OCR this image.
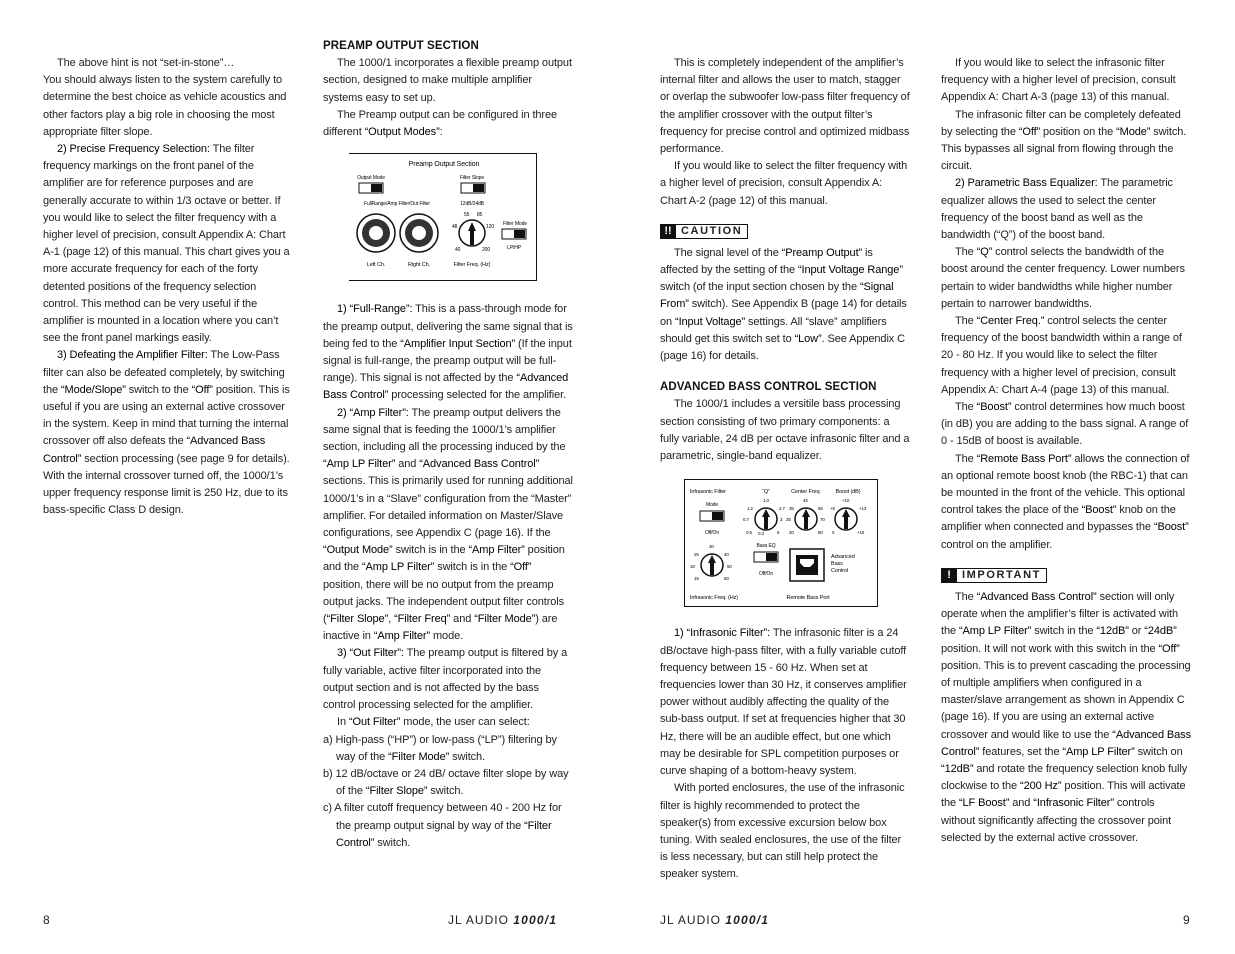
The above hint is not “set-in-stone”…

You should always listen to the system carefully to determine the best choice as vehicle acoustics and other factors play a big role in choosing the most appropriate filter slope.

2) Precise Frequency Selection: The filter frequency markings on the front panel of the amplifier are for reference purposes and are generally accurate to within 1/3 octave or better. If you would like to select the filter frequency with a higher level of precision, consult Appendix A: Chart A-1 (page 12) of this manual. This chart gives you a more accurate frequency for each of the forty detented positions of the frequency selection control. This method can be very useful if the amplifier is mounted in a location where you can’t see the front panel markings easily.

3) Defeating the Amplifier Filter: The Low-Pass filter can also be defeated completely, by switching the “Mode/Slope” switch to the “Off” position. This is useful if you are using an external active crossover in the system. Keep in mind that turning the internal crossover off also defeats the “Advanced Bass Control” section processing (see page 9 for details). With the internal crossover turned off, the 1000/1’s upper frequency response limit is 250 Hz, due to its bass-specific Class D design.

PREAMP OUTPUT SECTION

The 1000/1 incorporates a flexible preamp output section, designed to make multiple amplifier systems easy to set up.

The Preamp output can be configured in three different “Output Modes”:

Preamp Output Section
Output Mode	Filter Slope
FullRange/Amp Filter/Out Filter	12dB/24dB
55 85
48	120
40	200
Filter Mode
LP/HP
Left Ch.	Right Ch.	Filter Freq. (Hz)

1) “Full-Range”: This is a pass-through mode for the preamp output, delivering the same signal that is being fed to the “Amplifier Input Section” (If the input signal is full-range, the preamp output will be full-range). This signal is not affected by the “Advanced Bass Control” processing selected for the amplifier.

2) “Amp Filter”: The preamp output delivers the same signal that is feeding the 1000/1’s amplifier section, including all the processing induced by the “Amp LP Filter” and “Advanced Bass Control” sections. This is primarily used for running additional 1000/1’s in a “Slave” configuration from the “Master” amplifier. For detailed information on Master/Slave configurations, see Appendix C (page 16). If the “Output Mode” switch is in the “Amp Filter” position and the “Amp LP Filter” switch is in the “Off” position, there will be no output from the preamp output jacks. The independent output filter controls (“Filter Slope”, “Filter Freq” and “Filter Mode”) are inactive in “Amp Filter” mode.

3) “Out Filter”: The preamp output is filtered by a fully variable, active filter incorporated into the output section and is not affected by the bass control processing selected for the amplifier.

In “Out Filter” mode, the user can select:

a) High-pass (“HP”) or low-pass (“LP”) filtering by way of the “Filter Mode” switch.

b) 12 dB/octave or 24 dB/ octave filter slope by way of the “Filter Slope” switch.

c) A filter cutoff frequency between 40 - 200 Hz for the preamp output signal by way of the “Filter Control” switch.

This is completely independent of the amplifier’s internal filter and allows the user to match, stagger or overlap the subwoofer low-pass filter frequency of the amplifier crossover with the output filter’s frequency for precise control and optimized midbass performance.

If you would like to select the filter frequency with a higher level of precision, consult Appendix A: Chart A-2 (page 12) of this manual.

!! CAUTION

The signal level of the “Preamp Output” is affected by the setting of the “Input Voltage Range” switch (of the input section chosen by the “Signal From” switch). See Appendix B (page 14) for details on “Input Voltage” settings. All “slave” amplifiers should get this switch set to “Low”. See Appendix C (page 16) for details.

ADVANCED BASS CONTROL SECTION

The 1000/1 includes a versitile bass processing section consisting of two primary components: a fully variable, 24 dB per octave infrasonic filter and a parametric, single-band equalizer.

Infrasonic Filter	“Q”	Center Freq.	Boost (dB)
Mode
Off/On
1.0
1.2	2.7
0.7	3
0.5	6
0.3
45
35	55
25	70
20	80
+10
+5	+13
0	+15
30
25	40
18	50
15	60
Bass EQ
Off/On
Advanced
Bass
Control
Infrasonic Freq. (Hz)	Remote Bass Port

1) “Infrasonic Filter”: The infrasonic filter is a 24 dB/octave high-pass filter, with a fully variable cutoff frequency between 15 - 60 Hz. When set at frequencies lower than 30 Hz, it conserves amplifier power without audibly affecting the quality of the sub-bass output. If set at frequencies higher that 30 Hz, there will be an audible effect, but one which may be desirable for SPL competition purposes or curve shaping of a bottom-heavy system.

With ported enclosures, the use of the infrasonic filter is highly recommended to protect the speaker(s) from excessive excursion below box tuning. With sealed enclosures, the use of the filter is less necessary, but can still help protect the speaker system.

If you would like to select the infrasonic filter frequency with a higher level of precision, consult Appendix A: Chart A-3 (page 13) of this manual.

The infrasonic filter can be completely defeated by selecting the “Off” position on the “Mode” switch. This bypasses all signal from flowing through the circuit.

2) Parametric Bass Equalizer: The parametric equalizer allows the used to select the center frequency of the boost band as well as the bandwidth (“Q”) of the boost band.

The “Q” control selects the bandwidth of the boost around the center frequency. Lower numbers pertain to wider bandwidths while higher number pertain to narrower bandwidths.

The “Center Freq.” control selects the center frequency of the boost bandwidth within a range of 20 - 80 Hz. If you would like to select the filter frequency with a higher level of precision, consult Appendix A: Chart A-4 (page 13) of this manual.

The “Boost” control determines how much boost (in dB) you are adding to the bass signal. A range of 0 - 15dB of boost is available.

The “Remote Bass Port” allows the connection of an optional remote boost knob (the RBC-1) that can be mounted in the front of the vehicle. This optional control takes the place of the “Boost” knob on the amplifier when connected and bypasses the “Boost” control on the amplifier.

!	IMPORTANT

The “Advanced Bass Control” section will only operate when the amplifier’s filter is activated with the “Amp LP Filter” switch in the “12dB” or “24dB” position. It will not work with this switch in the “Off” position. This is to prevent cascading the processing of multiple amplifiers when configured in a master/slave arrangement as shown in Appendix C (page 16). If you are using an external active crossover and would like to use the “Advanced Bass Control” features, set the “Amp LP Filter” switch on “12dB” and rotate the frequency selection knob fully clockwise to the “200 Hz” position. This will activate the “LF Boost” and “Infrasonic Filter” controls without significantly affecting the crossover point selected by the external active crossover.

8	JL AUDIO 1000/1	JL AUDIO 1000/1	9
